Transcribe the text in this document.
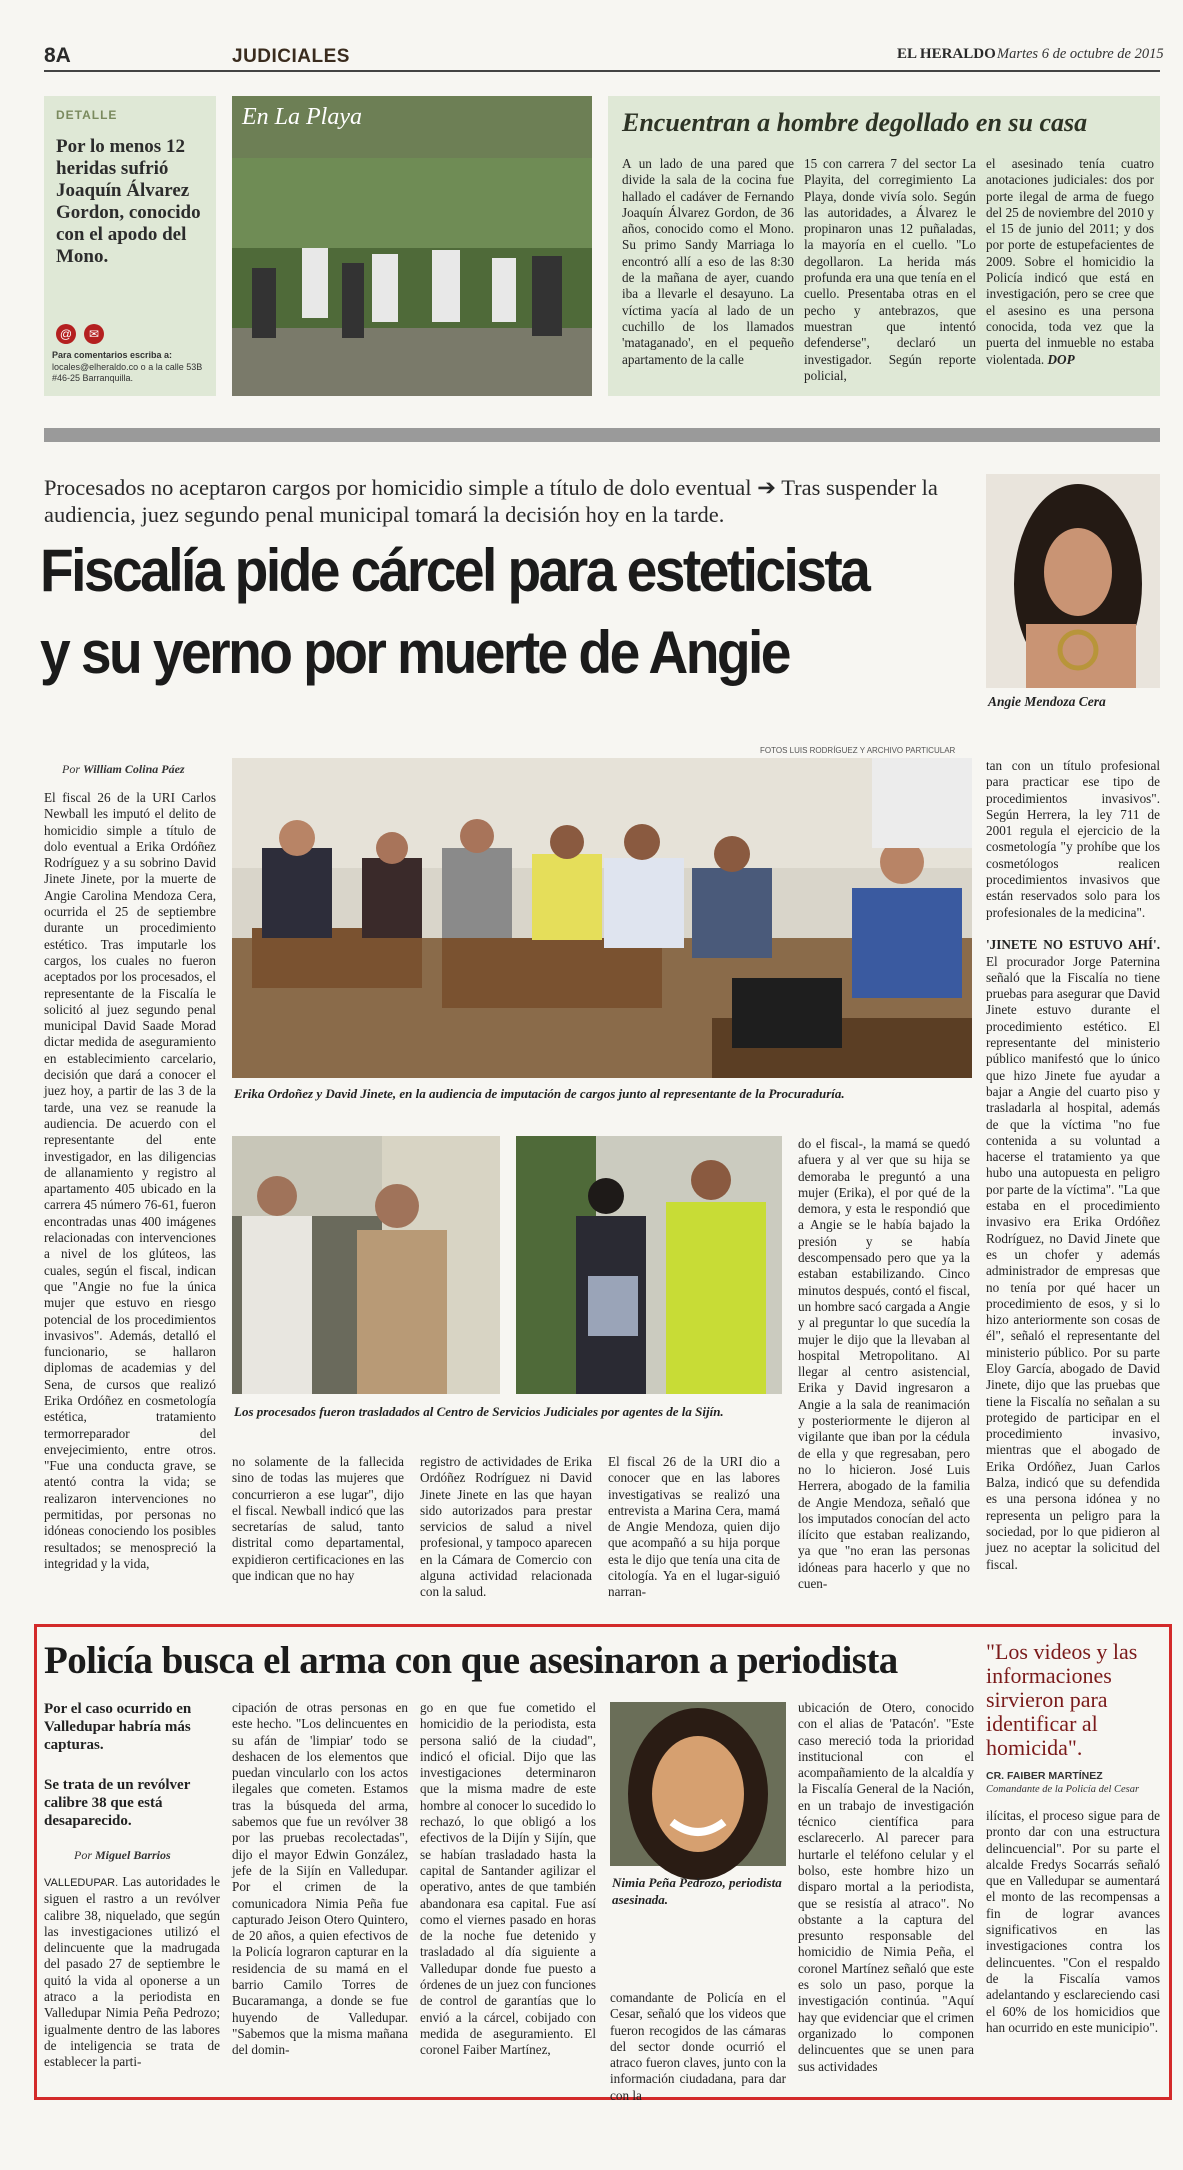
8A	JUDICIALES	EL HERALDO Martes 6 de octubre de 2015
DETALLE
Por lo menos 12 heridas sufrió Joaquín Álvarez Gordon, conocido con el apodo del Mono.
@	✉
Para comentarios escriba a:
locales@elheraldo.co o a la calle 53B #46-25 Barranquilla.
En La Playa	Encuentran a hombre degollado en su casa
A un lado de una pared que divide la sala de la cocina fue hallado el cadáver de Fernando Joaquín Álvarez Gordon, de 36 años, conocido como el Mono. Su primo Sandy Marriaga lo encontró allí a eso de las 8:30 de la mañana de ayer, cuando iba a llevarle el desayuno. La víctima yacía al lado de un cuchillo de los llamados 'mataganado', en el pequeño apartamento de la calle
15 con carrera 7 del sector La Playita, del corregimiento La Playa, donde vivía solo. Según las autoridades, a Álvarez le propinaron unas 12 puñaladas, la mayoría en el cuello. "Lo degollaron. La herida más profunda era una que tenía en el cuello. Presentaba otras en el pecho y antebrazos, que muestran que intentó defenderse", declaró un investigador. Según reporte policial,
el asesinado tenía cuatro anotaciones judiciales: dos por porte ilegal de arma de fuego del 25 de noviembre del 2010 y el 15 de junio del 2011; y dos por porte de estupefacientes de 2009. Sobre el homicidio la Policía indicó que está en investigación, pero se cree que el asesino es una persona conocida, toda vez que la puerta del inmueble no estaba violentada. DOP
Procesados no aceptaron cargos por homicidio simple a título de dolo eventual ➔ Tras suspender la audiencia, juez segundo penal municipal tomará la decisión hoy en la tarde.
Fiscalía pide cárcel para esteticista
y su yerno por muerte de Angie
Angie Mendoza Cera
FOTOS LUIS RODRÍGUEZ Y ARCHIVO PARTICULAR
Por William Colina Páez
El fiscal 26 de la URI Carlos Newball les imputó el delito de homicidio simple a título de dolo eventual a Erika Ordóñez Rodríguez y a su sobrino David Jinete Jinete, por la muerte de Angie Carolina Mendoza Cera, ocurrida el 25 de septiembre durante un procedimiento estético. Tras imputarle los cargos, los cuales no fueron aceptados por los procesados, el representante de la Fiscalía le solicitó al juez segundo penal municipal David Saade Morad dictar medida de aseguramiento en establecimiento carcelario, decisión que dará a conocer el juez hoy, a partir de las 3 de la tarde, una vez se reanude la audiencia. De acuerdo con el representante del ente investigador, en las diligencias de allanamiento y registro al apartamento 405 ubicado en la carrera 45 número 76-61, fueron encontradas unas 400 imágenes relacionadas con intervenciones a nivel de los glúteos, las cuales, según el fiscal, indican que "Angie no fue la única mujer que estuvo en riesgo potencial de los procedimientos invasivos". Además, detalló el funcionario, se hallaron diplomas de academias y del Sena, de cursos que realizó Erika Ordóñez en cosmetología estética, tratamiento termorreparador del envejecimiento, entre otros. "Fue una conducta grave, se atentó contra la vida; se realizaron intervenciones no permitidas, por personas no idóneas conociendo los posibles resultados; se menospreció la integridad y la vida,
Erika Ordoñez y David Jinete, en la audiencia de imputación de cargos junto al representante de la Procuraduría.
Los procesados fueron trasladados al Centro de Servicios Judiciales por agentes de la Sijín.
no solamente de la fallecida sino de todas las mujeres que concurrieron a ese lugar", dijo el fiscal. Newball indicó que las secretarías de salud, tanto distrital como departamental, expidieron certificaciones en las que indican que no hay
registro de actividades de Erika Ordóñez Rodríguez ni David Jinete Jinete en las que hayan sido autorizados para prestar servicios de salud a nivel profesional, y tampoco aparecen en la Cámara de Comercio con alguna actividad relacionada con la salud.
El fiscal 26 de la URI dio a conocer que en las labores investigativas se realizó una entrevista a Marina Cera, mamá de Angie Mendoza, quien dijo que acompañó a su hija porque esta le dijo que tenía una cita de citología. Ya en el lugar-siguió narran-
do el fiscal-, la mamá se quedó afuera y al ver que su hija se demoraba le preguntó a una mujer (Erika), el por qué de la demora, y esta le respondió que a Angie se le había bajado la presión y se había descompensado pero que ya la estaban estabilizando. Cinco minutos después, contó el fiscal, un hombre sacó cargada a Angie y al preguntar lo que sucedía la mujer le dijo que la llevaban al hospital Metropolitano. Al llegar al centro asistencial, Erika y David ingresaron a Angie a la sala de reanimación y posteriormente le dijeron al vigilante que iban por la cédula de ella y que regresaban, pero no lo hicieron. José Luis Herrera, abogado de la familia de Angie Mendoza, señaló que los imputados conocían del acto ilícito que estaban realizando, ya que "no eran las personas idóneas para hacerlo y que no cuen-
tan con un título profesional para practicar ese tipo de procedimientos invasivos". Según Herrera, la ley 711 de 2001 regula el ejercicio de la cosmetología "y prohíbe que los cosmetólogos realicen procedimientos invasivos que están reservados solo para los profesionales de la medicina".

'JINETE NO ESTUVO AHÍ'. El procurador Jorge Paternina señaló que la Fiscalía no tiene pruebas para asegurar que David Jinete estuvo durante el procedimiento estético. El representante del ministerio público manifestó que lo único que hizo Jinete fue ayudar a bajar a Angie del cuarto piso y trasladarla al hospital, además de que la víctima "no fue contenida a su voluntad a hacerse el tratamiento ya que hubo una autopuesta en peligro por parte de la víctima". "La que estaba en el procedimiento invasivo era Erika Ordóñez Rodríguez, no David Jinete que es un chofer y además administrador de empresas que no tenía por qué hacer un procedimiento de esos, y si lo hizo anteriormente son cosas de él", señaló el representante del ministerio público. Por su parte Eloy García, abogado de David Jinete, dijo que las pruebas que tiene la Fiscalía no señalan a su protegido de participar en el procedimiento invasivo, mientras que el abogado de Erika Ordóñez, Juan Carlos Balza, indicó que su defendida es una persona idónea y no representa un peligro para la sociedad, por lo que pidieron al juez no aceptar la solicitud del fiscal.
Policía busca el arma con que asesinaron a periodista
Por el caso ocurrido en Valledupar habría más capturas.
Se trata de un revólver calibre 38 que está desaparecido.
Por Miguel Barrios
VALLEDUPAR. Las autoridades le siguen el rastro a un revólver calibre 38, niquelado, que según las investigaciones utilizó el delincuente que la madrugada del pasado 27 de septiembre le quitó la vida al oponerse a un atraco a la periodista en Valledupar Nimia Peña Pedrozo; igualmente dentro de las labores de inteligencia se trata de establecer la parti-
cipación de otras personas en este hecho. "Los delincuentes en su afán de 'limpiar' todo se deshacen de los elementos que puedan vincularlo con los actos ilegales que cometen. Estamos tras la búsqueda del arma, sabemos que fue un revólver 38 por las pruebas recolectadas", dijo el mayor Edwin González, jefe de la Sijín en Valledupar. Por el crimen de la comunicadora Nimia Peña fue capturado Jeison Otero Quintero, de 20 años, a quien efectivos de la Policía lograron capturar en la residencia de su mamá en el barrio Camilo Torres de Bucaramanga, a donde se fue huyendo de Valledupar. "Sabemos que la misma mañana del domin-
go en que fue cometido el homicidio de la periodista, esta persona salió de la ciudad", indicó el oficial. Dijo que las investigaciones determinaron que la misma madre de este hombre al conocer lo sucedido lo rechazó, lo que obligó a los efectivos de la Dijín y Sijín, que se habían trasladado hasta la capital de Santander agilizar el operativo, antes de que también abandonara esa capital. Fue así como el viernes pasado en horas de la noche fue detenido y trasladado al día siguiente a Valledupar donde fue puesto a órdenes de un juez con funciones de control de garantías que lo envió a la cárcel, cobijado con medida de aseguramiento. El coronel Faiber Martínez,
Nimia Peña Pedrozo, periodista asesinada.
comandante de Policía en el Cesar, señaló que los videos que fueron recogidos de las cámaras del sector donde ocurrió el atraco fueron claves, junto con la información ciudadana, para dar con la
ubicación de Otero, conocido con el alias de 'Patacón'. "Este caso mereció toda la prioridad institucional con el acompañamiento de la alcaldía y la Fiscalía General de la Nación, en un trabajo de investigación técnico científica para esclarecerlo. Al parecer para hurtarle el teléfono celular y el bolso, este hombre hizo un disparo mortal a la periodista, que se resistía al atraco". No obstante a la captura del presunto responsable del homicidio de Nimia Peña, el coronel Martínez señaló que este es solo un paso, porque la investigación continúa. "Aquí hay que evidenciar que el crimen organizado lo componen delincuentes que se unen para sus actividades
"Los videos y las informaciones sirvieron para identificar al homicida".
CR. FAIBER MARTÍNEZ
Comandante de la Policía del Cesar
ilícitas, el proceso sigue para de pronto dar con una estructura delincuencial". Por su parte el alcalde Fredys Socarrás señaló que en Valledupar se aumentará el monto de las recompensas a fin de lograr avances significativos en las investigaciones contra los delincuentes. "Con el respaldo de la Fiscalía vamos adelantando y esclareciendo casi el 60% de los homicidios que han ocurrido en este municipio".
